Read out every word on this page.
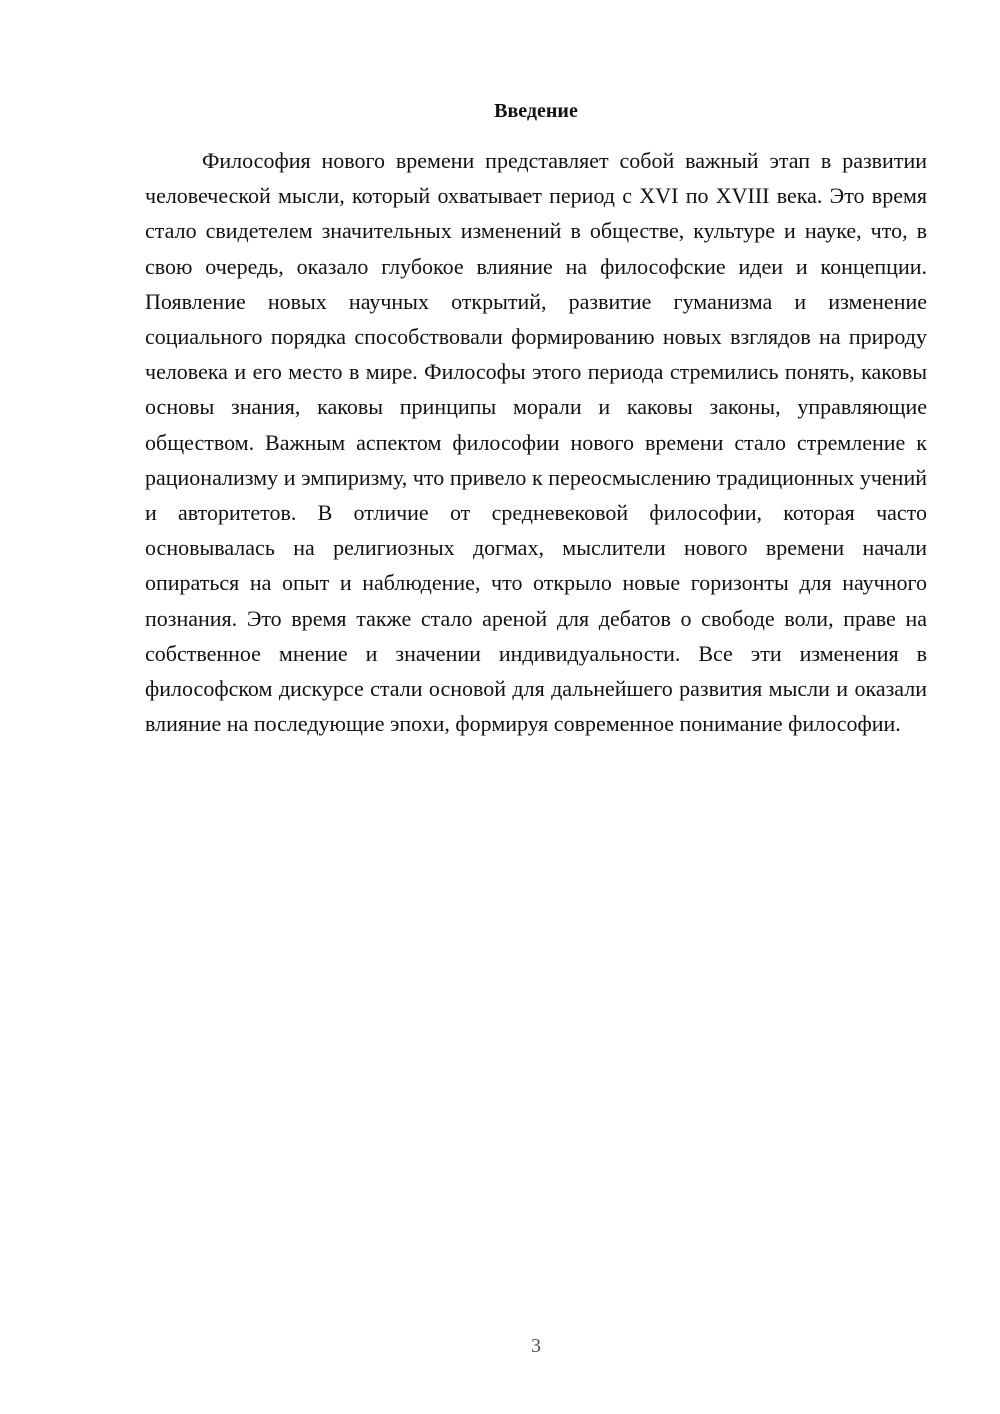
Введение

Философия нового времени представляет собой важный этап в развитии человеческой мысли, который охватывает период с XVI по XVIII века. Это время стало свидетелем значительных изменений в обществе, культуре и науке, что, в свою очередь, оказало глубокое влияние на философские идеи и концепции. Появление новых научных открытий, развитие гуманизма и изменение социального порядка способствовали формированию новых взглядов на природу человека и его место в мире. Философы этого периода стремились понять, каковы основы знания, каковы принципы морали и каковы законы, управляющие обществом. Важным аспектом философии нового времени стало стремление к рационализму и эмпиризму, что привело к переосмыслению традиционных учений и авторитетов. В отличие от средневековой философии, которая часто основывалась на религиозных догмах, мыслители нового времени начали опираться на опыт и наблюдение, что открыло новые горизонты для научного познания. Это время также стало ареной для дебатов о свободе воли, праве на собственное мнение и значении индивидуальности. Все эти изменения в философском дискурсе стали основой для дальнейшего развития мысли и оказали влияние на последующие эпохи, формируя современное понимание философии.

3
